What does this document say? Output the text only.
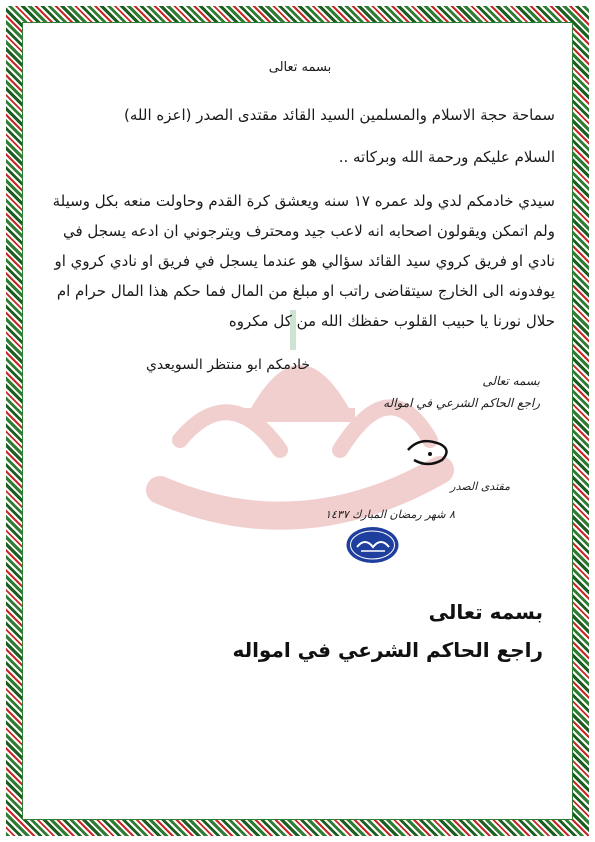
بسمه تعالى
سماحة حجة الاسلام والمسلمين السيد القائد مقتدى الصدر (اعزه الله)
السلام عليكم ورحمة الله وبركاته ..
سيدي خادمكم لدي ولد عمره ١٧ سنه ويعشق كرة القدم وحاولت منعه بكل وسيلة
ولم اتمكن ويقولون اصحابه انه لاعب جيد ومحترف ويترجوني ان ادعه يسجل في
نادي او فريق كروي سيد القائد سؤالي هو عندما يسجل في فريق او نادي كروي او
يوفدونه الى الخارج سيتقاضى راتب او مبلغ من المال فما حكم هذا المال حرام ام
حلال نورنا يا حبيب القلوب حفظك الله من كل مكروه
خادمكم ابو منتظر السويعدي
بسمه تعالى
راجع الحاكم الشرعي في امواله
مقتدى الصدر
٨ شهر رمضان المبارك ١٤٣٧
بسمه تعالى
راجع الحاكم الشرعي في امواله
